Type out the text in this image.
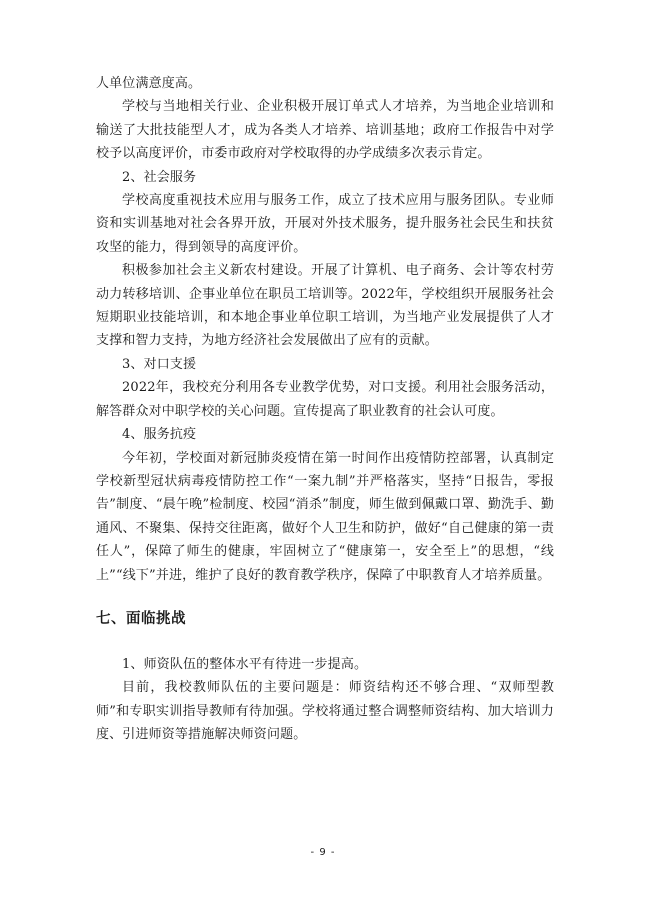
人单位满意度高。

学校与当地相关行业、企业积极开展订单式人才培养，为当地企业培训和输送了大批技能型人才，成为各类人才培养、培训基地；政府工作报告中对学校予以高度评价，市委市政府对学校取得的办学成绩多次表示肯定。

2、社会服务

学校高度重视技术应用与服务工作，成立了技术应用与服务团队。专业师资和实训基地对社会各界开放，开展对外技术服务，提升服务社会民生和扶贫攻坚的能力，得到领导的高度评价。

积极参加社会主义新农村建设。开展了计算机、电子商务、会计等农村劳动力转移培训、企事业单位在职员工培训等。2022年，学校组织开展服务社会短期职业技能培训，和本地企事业单位职工培训，为当地产业发展提供了人才支撑和智力支持，为地方经济社会发展做出了应有的贡献。

3、对口支援

2022年，我校充分利用各专业教学优势，对口支援。利用社会服务活动，解答群众对中职学校的关心问题。宣传提高了职业教育的社会认可度。

4、服务抗疫

今年初，学校面对新冠肺炎疫情在第一时间作出疫情防控部署，认真制定学校新型冠状病毒疫情防控工作“一案九制”并严格落实，坚持“日报告，零报告”制度、“晨午晚”检制度、校园“消杀”制度，师生做到佩戴口罩、勤洗手、勤通风、不聚集、保持交往距离，做好个人卫生和防护，做好“自己健康的第一责任人”，保障了师生的健康，牢固树立了“健康第一，安全至上”的思想，“线上”“线下”并进，维护了良好的教育教学秩序，保障了中职教育人才培养质量。

七、面临挑战

1、师资队伍的整体水平有待进一步提高。

目前，我校教师队伍的主要问题是：师资结构还不够合理、“双师型教师”和专职实训指导教师有待加强。学校将通过整合调整师资结构、加大培训力度、引进师资等措施解决师资问题。

- 9 -
